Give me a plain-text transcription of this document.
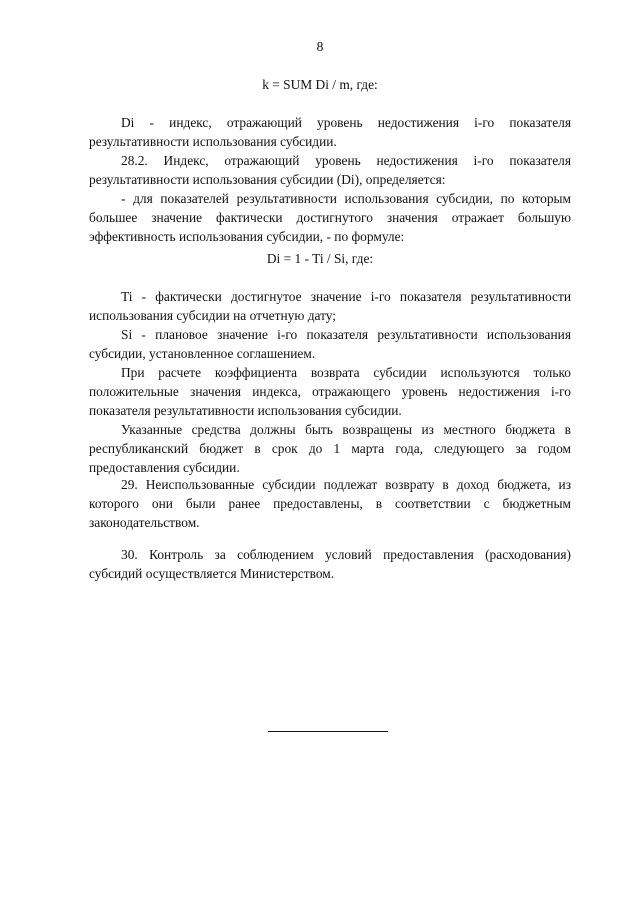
8
k = SUM Di / m, где:

Di - индекс, отражающий уровень недостижения i-го показателя результативности использования субсидии.

28.2. Индекс, отражающий уровень недостижения i-го показателя результативности использования субсидии (Di), определяется:

- для показателей результативности использования субсидии, по которым большее значение фактически достигнутого значения отражает большую эффективность использования субсидии, - по формуле:

Di = 1 - Ti / Si, где:

Ti - фактически достигнутое значение i-го показателя результативности использования субсидии на отчетную дату;

Si - плановое значение i-го показателя результативности использования субсидии, установленное соглашением.

При расчете коэффициента возврата субсидии используются только положительные значения индекса, отражающего уровень недостижения i-го показателя результативности использования субсидии.

Указанные средства должны быть возвращены из местного бюджета в республиканский бюджет в срок до 1 марта года, следующего за годом предоставления субсидии.

29. Неиспользованные субсидии подлежат возврату в доход бюджета, из которого они были ранее предоставлены, в соответствии с бюджетным законодательством.

30. Контроль за соблюдением условий предоставления (расходования) субсидий осуществляется Министерством.
